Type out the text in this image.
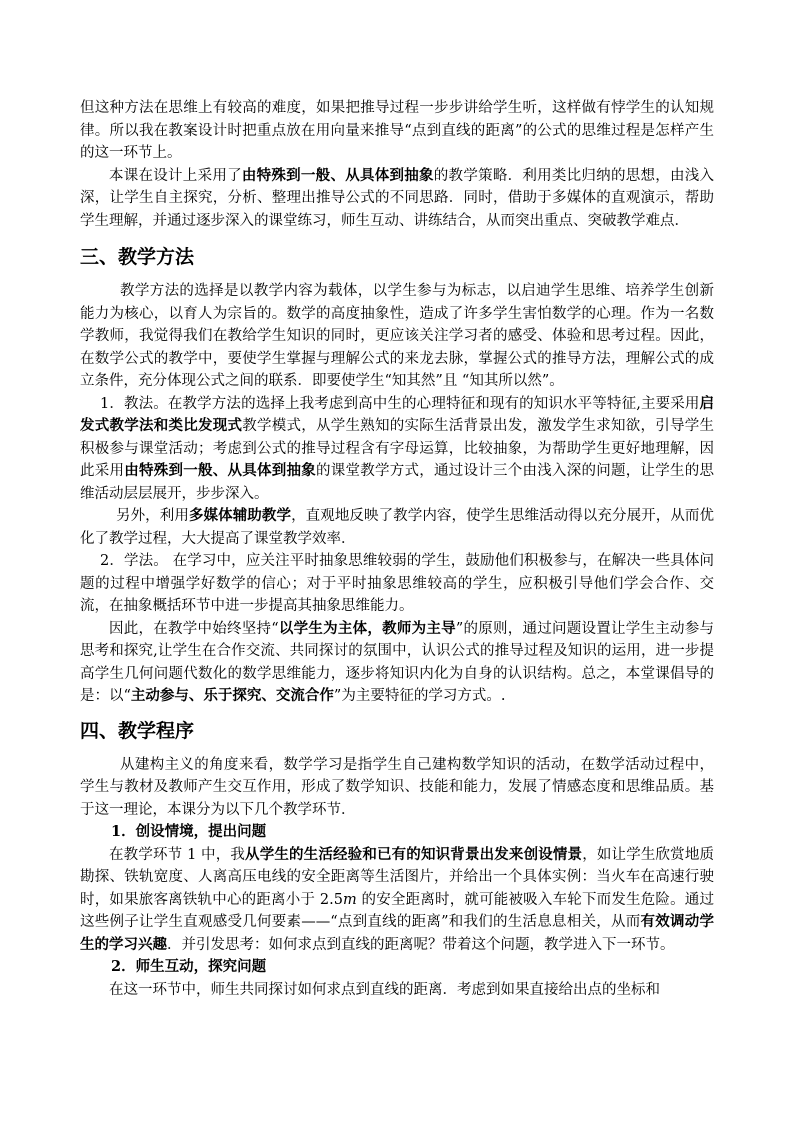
但这种方法在思维上有较高的难度，如果把推导过程一步步讲给学生听，这样做有悖学生的认知规律。所以我在教案设计时把重点放在用向量来推导“点到直线的距离”的公式的思维过程是怎样产生的这一环节上。

本课在设计上采用了由特殊到一般、从具体到抽象的教学策略．利用类比归纳的思想，由浅入深，让学生自主探究，分析、整理出推导公式的不同思路．同时，借助于多媒体的直观演示，帮助学生理解，并通过逐步深入的课堂练习，师生互动、讲练结合，从而突出重点、突破教学难点．

三、教学方法

教学方法的选择是以教学内容为载体，以学生参与为标志，以启迪学生思维、培养学生创新能力为核心，以育人为宗旨的。数学的高度抽象性，造成了许多学生害怕数学的心理。作为一名数学教师，我觉得我们在教给学生知识的同时，更应该关注学习者的感受、体验和思考过程。因此，在数学公式的教学中，要使学生掌握与理解公式的来龙去脉，掌握公式的推导方法，理解公式的成立条件，充分体现公式之间的联系．即要使学生“知其然”且 “知其所以然”。

1．教法。在教学方法的选择上我考虑到高中生的心理特征和现有的知识水平等特征,主要采用启发式教学法和类比发现式教学模式，从学生熟知的实际生活背景出发，激发学生求知欲，引导学生积极参与课堂活动；考虑到公式的推导过程含有字母运算，比较抽象，为帮助学生更好地理解，因此采用由特殊到一般、从具体到抽象的课堂教学方式，通过设计三个由浅入深的问题，让学生的思维活动层层展开，步步深入。

另外，利用多媒体辅助教学，直观地反映了教学内容，使学生思维活动得以充分展开，从而优化了教学过程，大大提高了课堂教学效率．

2．学法。 在学习中，应关注平时抽象思维较弱的学生，鼓励他们积极参与，在解决一些具体问题的过程中增强学好数学的信心；对于平时抽象思维较高的学生，应积极引导他们学会合作、交流，在抽象概括环节中进一步提高其抽象思维能力。

因此，在教学中始终坚持“以学生为主体，教师为主导”的原则，通过问题设置让学生主动参与思考和探究,让学生在合作交流、共同探讨的氛围中，认识公式的推导过程及知识的运用，进一步提高学生几何问题代数化的数学思维能力，逐步将知识内化为自身的认识结构。总之，本堂课倡导的是：以“主动参与、乐于探究、交流合作”为主要特征的学习方式。.

四、教学程序

从建构主义的角度来看，数学学习是指学生自己建构数学知识的活动，在数学活动过程中，学生与教材及教师产生交互作用，形成了数学知识、技能和能力，发展了情感态度和思维品质。基于这一理论，本课分为以下几个教学环节．

1．创设情境，提出问题

在教学环节 1 中，我从学生的生活经验和已有的知识背景出发来创设情景，如让学生欣赏地质勘探、铁轨宽度、人离高压电线的安全距离等生活图片，并给出一个具体实例：当火车在高速行驶时，如果旅客离铁轨中心的距离小于 2.5m 的安全距离时，就可能被吸入车轮下而发生危险。通过这些例子让学生直观感受几何要素——“点到直线的距离”和我们的生活息息相关，从而有效调动学生的学习兴趣．并引发思考：如何求点到直线的距离呢？带着这个问题，教学进入下一环节。

2．师生互动，探究问题

在这一环节中，师生共同探讨如何求点到直线的距离．考虑到如果直接给出点的坐标和
